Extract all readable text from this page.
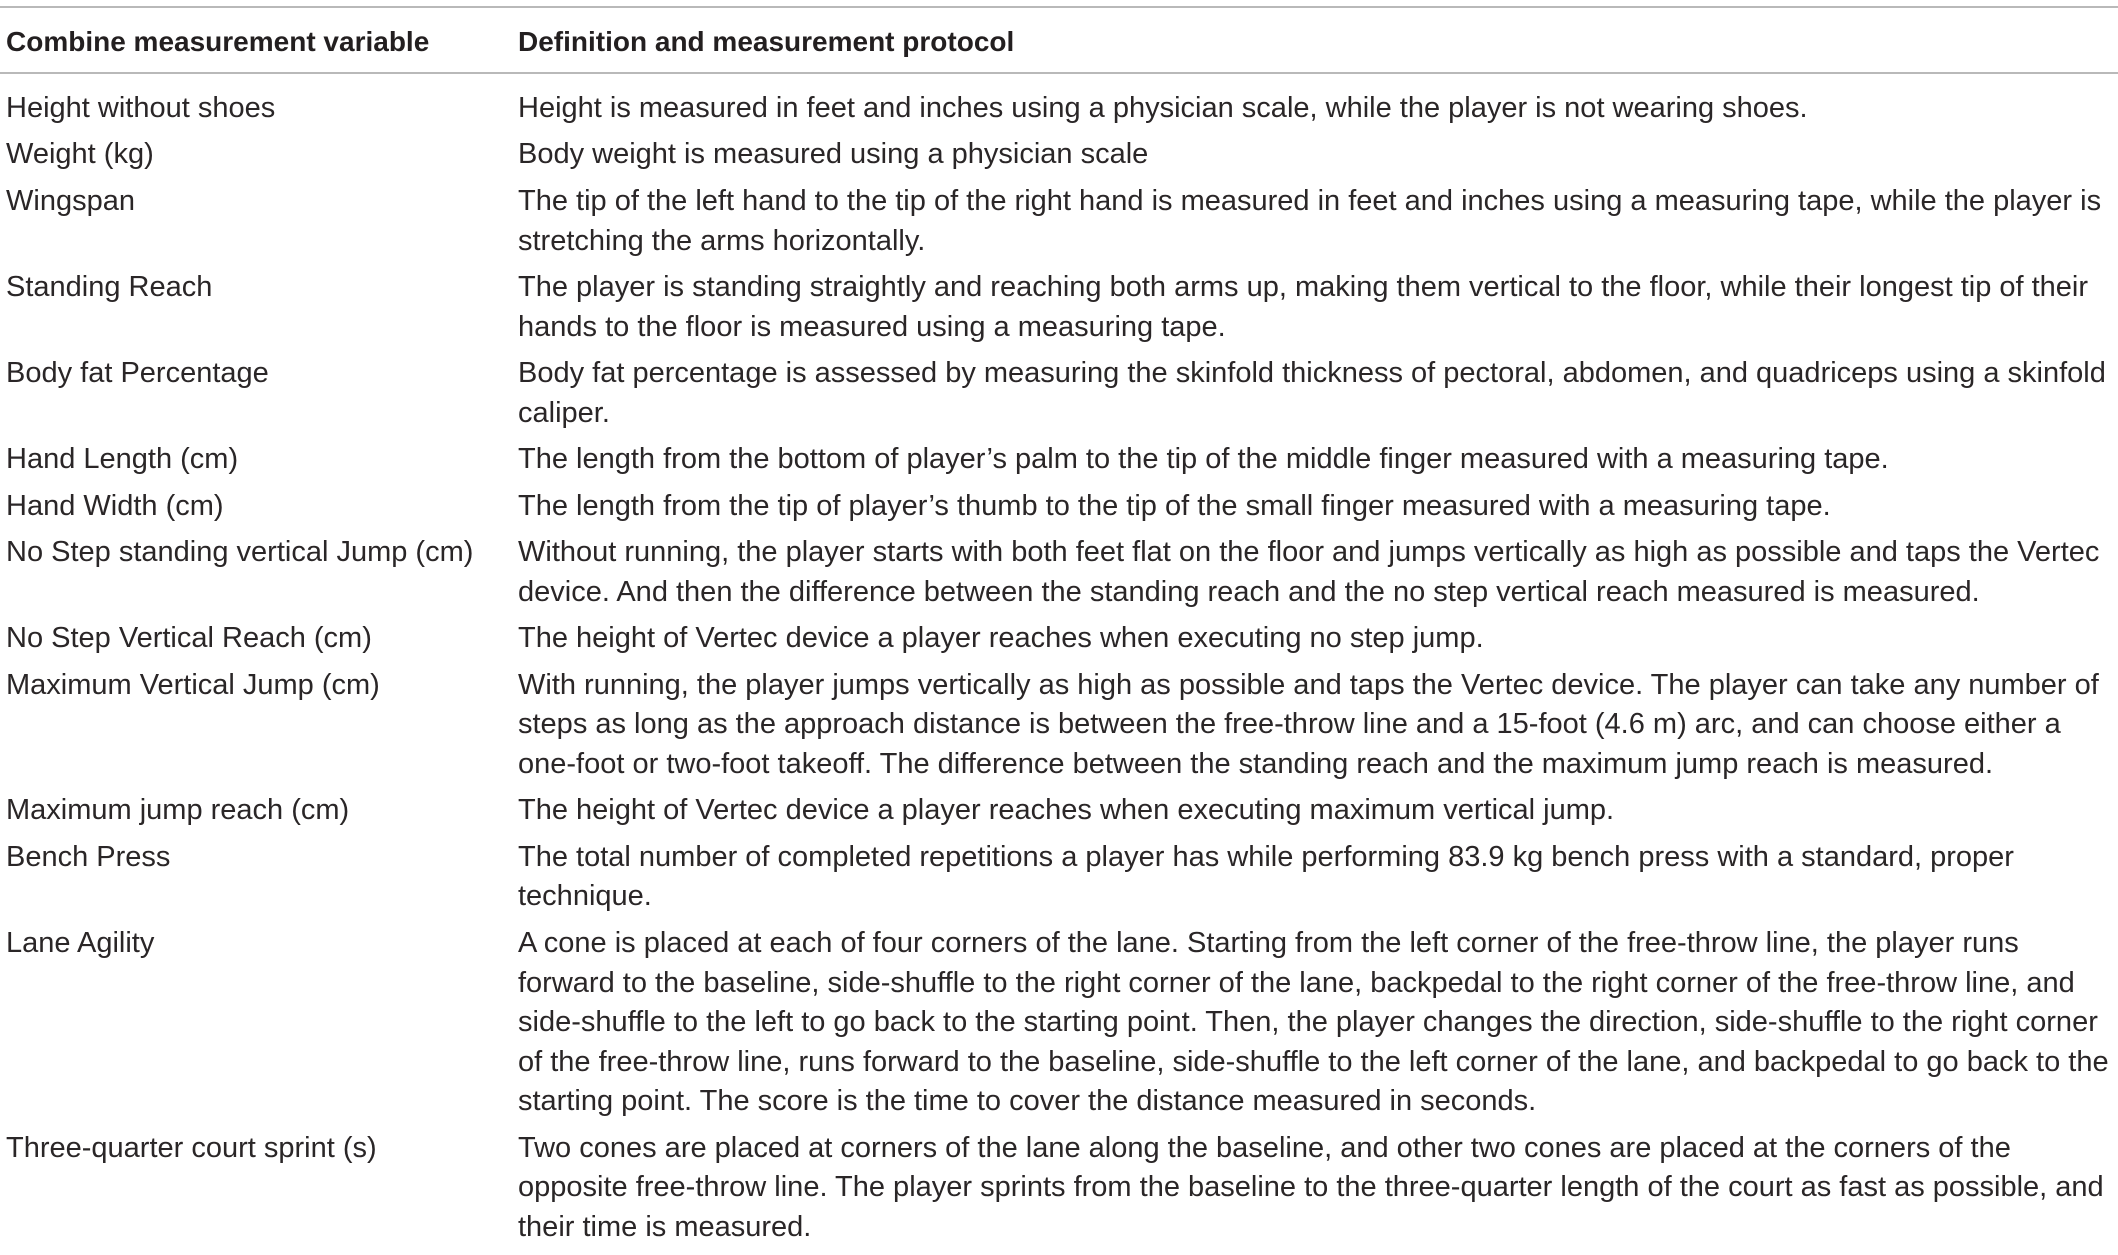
Combine measurement variable	Definition and measurement protocol
Height without shoes	Height is measured in feet and inches using a physician scale, while the player is not wearing shoes.
Weight (kg)	Body weight is measured using a physician scale
Wingspan	The tip of the left hand to the tip of the right hand is measured in feet and inches using a measuring tape, while the player is stretching the arms horizontally.
Standing Reach	The player is standing straightly and reaching both arms up, making them vertical to the floor, while their longest tip of their hands to the floor is measured using a measuring tape.
Body fat Percentage	Body fat percentage is assessed by measuring the skinfold thickness of pectoral, abdomen, and quadriceps using a skinfold caliper.
Hand Length (cm)	The length from the bottom of player’s palm to the tip of the middle finger measured with a measuring tape.
Hand Width (cm)	The length from the tip of player’s thumb to the tip of the small finger measured with a measuring tape.
No Step standing vertical Jump (cm)	Without running, the player starts with both feet flat on the floor and jumps vertically as high as possible and taps the Vertec device. And then the difference between the standing reach and the no step vertical reach measured is measured.
No Step Vertical Reach (cm)	The height of Vertec device a player reaches when executing no step jump.
Maximum Vertical Jump (cm)	With running, the player jumps vertically as high as possible and taps the Vertec device. The player can take any number of steps as long as the approach distance is between the free-throw line and a 15-foot (4.6 m) arc, and can choose either a one-foot or two-foot takeoff. The difference between the standing reach and the maximum jump reach is measured.
Maximum jump reach (cm)	The height of Vertec device a player reaches when executing maximum vertical jump.
Bench Press	The total number of completed repetitions a player has while performing 83.9 kg bench press with a standard, proper technique.
Lane Agility	A cone is placed at each of four corners of the lane. Starting from the left corner of the free-throw line, the player runs forward to the baseline, side-shuffle to the right corner of the lane, backpedal to the right corner of the free-throw line, and side-shuffle to the left to go back to the starting point. Then, the player changes the direction, side-shuffle to the right corner of the free-throw line, runs forward to the baseline, side-shuffle to the left corner of the lane, and backpedal to go back to the starting point. The score is the time to cover the distance measured in seconds.
Three-quarter court sprint (s)	Two cones are placed at corners of the lane along the baseline, and other two cones are placed at the corners of the opposite free-throw line. The player sprints from the baseline to the three-quarter length of the court as fast as possible, and their time is measured.
